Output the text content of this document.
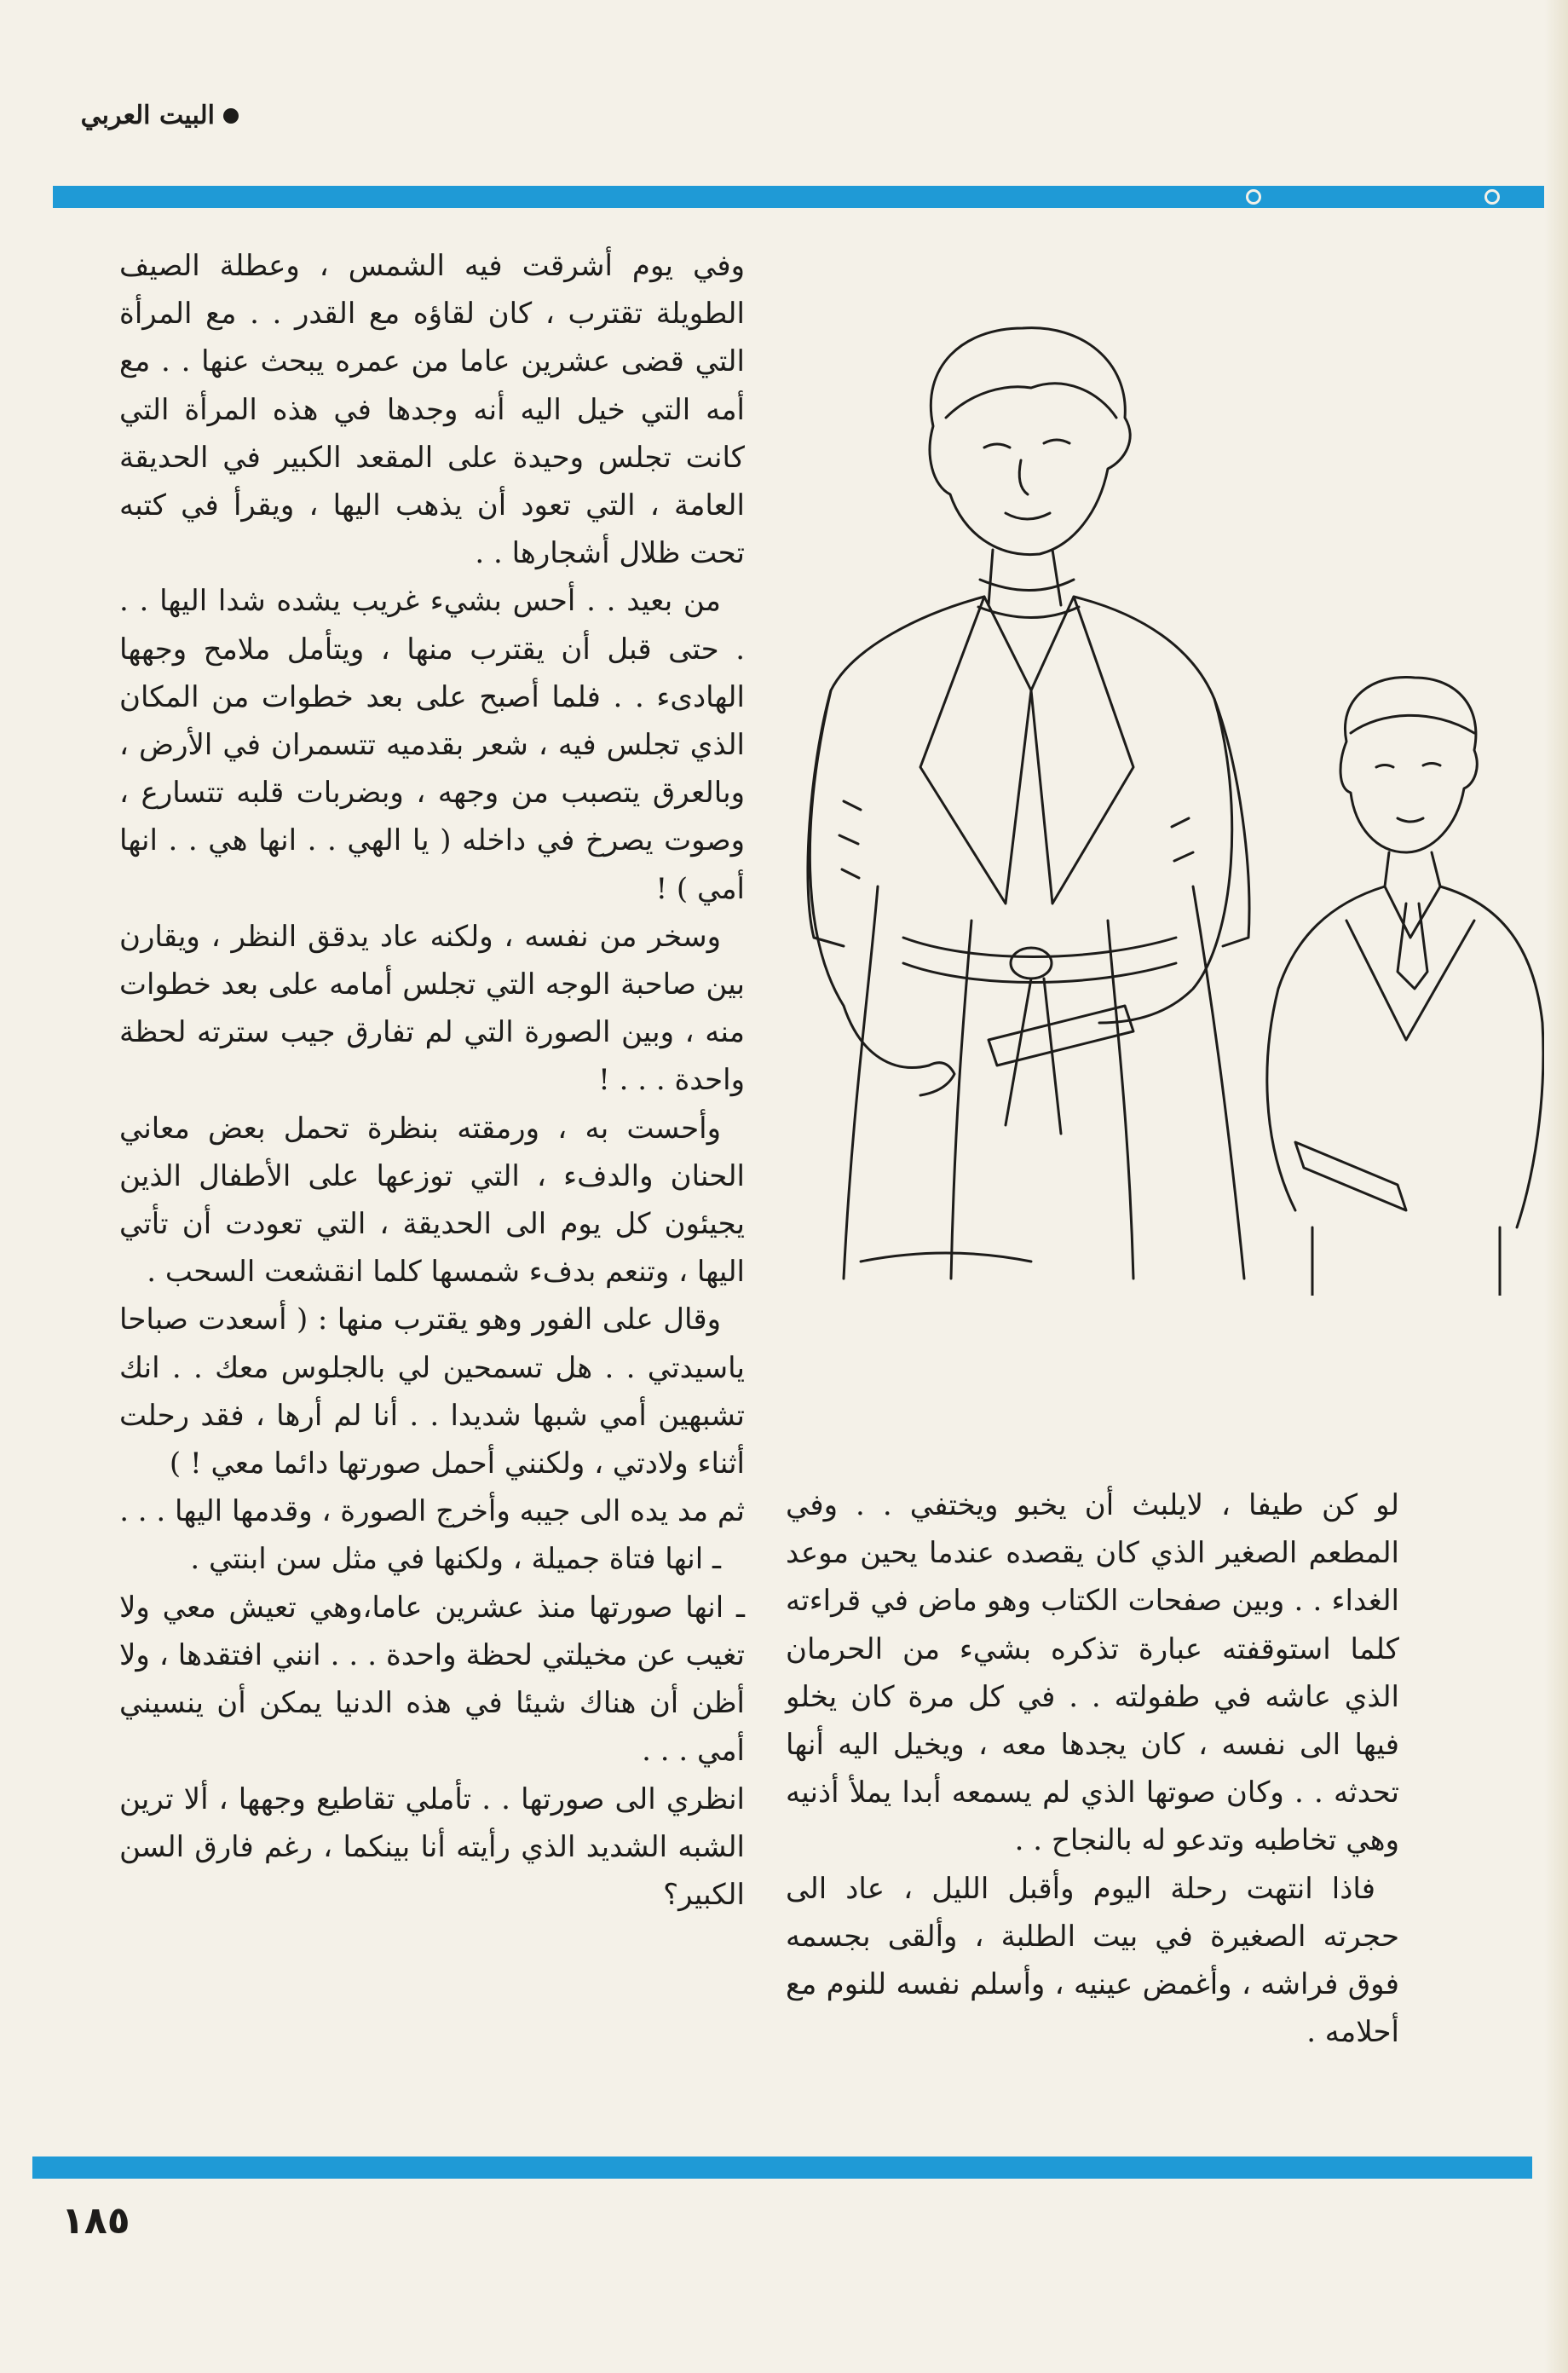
البيت العربي

وفي يوم أشرقت فيه الشمس ، وعطلة الصيف الطويلة تقترب ، كان لقاؤه مع القدر . . مع المرأة التي قضى عشرين عاما من عمره يبحث عنها . . مع أمه التي خيل اليه أنه وجدها في هذه المرأة التي كانت تجلس وحيدة على المقعد الكبير في الحديقة العامة ، التي تعود أن يذهب اليها ، ويقرأ في كتبه تحت ظلال أشجارها . .

من بعيد . . أحس بشيء غريب يشده شدا اليها . . . حتى قبل أن يقترب منها ، ويتأمل ملامح وجهها الهادىء . . فلما أصبح على بعد خطوات من المكان الذي تجلس فيه ، شعر بقدميه تتسمران في الأرض ، وبالعرق يتصبب من وجهه ، وبضربات قلبه تتسارع ، وصوت يصرخ في داخله ( يا الهي . . انها هي . . انها أمي ) !

وسخر من نفسه ، ولكنه عاد يدقق النظر ، ويقارن بين صاحبة الوجه التي تجلس أمامه على بعد خطوات منه ، وبين الصورة التي لم تفارق جيب سترته لحظة واحدة . . . !

وأحست به ، ورمقته بنظرة تحمل بعض معاني الحنان والدفء ، التي توزعها على الأطفال الذين يجيئون كل يوم الى الحديقة ، التي تعودت أن تأتي اليها ، وتنعم بدفء شمسها كلما انقشعت السحب .

وقال على الفور وهو يقترب منها : ( أسعدت صباحا ياسيدتي . . هل تسمحين لي بالجلوس معك . . انك تشبهين أمي شبها شديدا . . أنا لم أرها ، فقد رحلت أثناء ولادتي ، ولكنني أحمل صورتها دائما معي ! )

ثم مد يده الى جيبه وأخرج الصورة ، وقدمها اليها . . .

ـ انها فتاة جميلة ، ولكنها في مثل سن ابنتي .

ـ انها صورتها منذ عشرين عاما،وهي تعيش معي ولا تغيب عن مخيلتي لحظة واحدة . . . انني افتقدها ، ولا أظن أن هناك شيئا في هذه الدنيا يمكن أن ينسيني أمي . . .

انظري الى صورتها . . تأملي تقاطيع وجهها ، ألا ترين الشبه الشديد الذي رأيته أنا بينكما ، رغم فارق السن الكبير؟

لو كن طيفا ، لايلبث أن يخبو ويختفي . . وفي المطعم الصغير الذي كان يقصده عندما يحين موعد الغداء . . وبين صفحات الكتاب وهو ماض في قراءته كلما استوقفته عبارة تذكره بشيء من الحرمان الذي عاشه في طفولته . . في كل مرة كان يخلو فيها الى نفسه ، كان يجدها معه ، ويخيل اليه أنها تحدثه . . وكان صوتها الذي لم يسمعه أبدا يملأ أذنيه وهي تخاطبه وتدعو له بالنجاح . .

فاذا انتهت رحلة اليوم وأقبل الليل ، عاد الى حجرته الصغيرة في بيت الطلبة ، وألقى بجسمه فوق فراشه ، وأغمض عينيه ، وأسلم نفسه للنوم مع أحلامه .

١٨٥
